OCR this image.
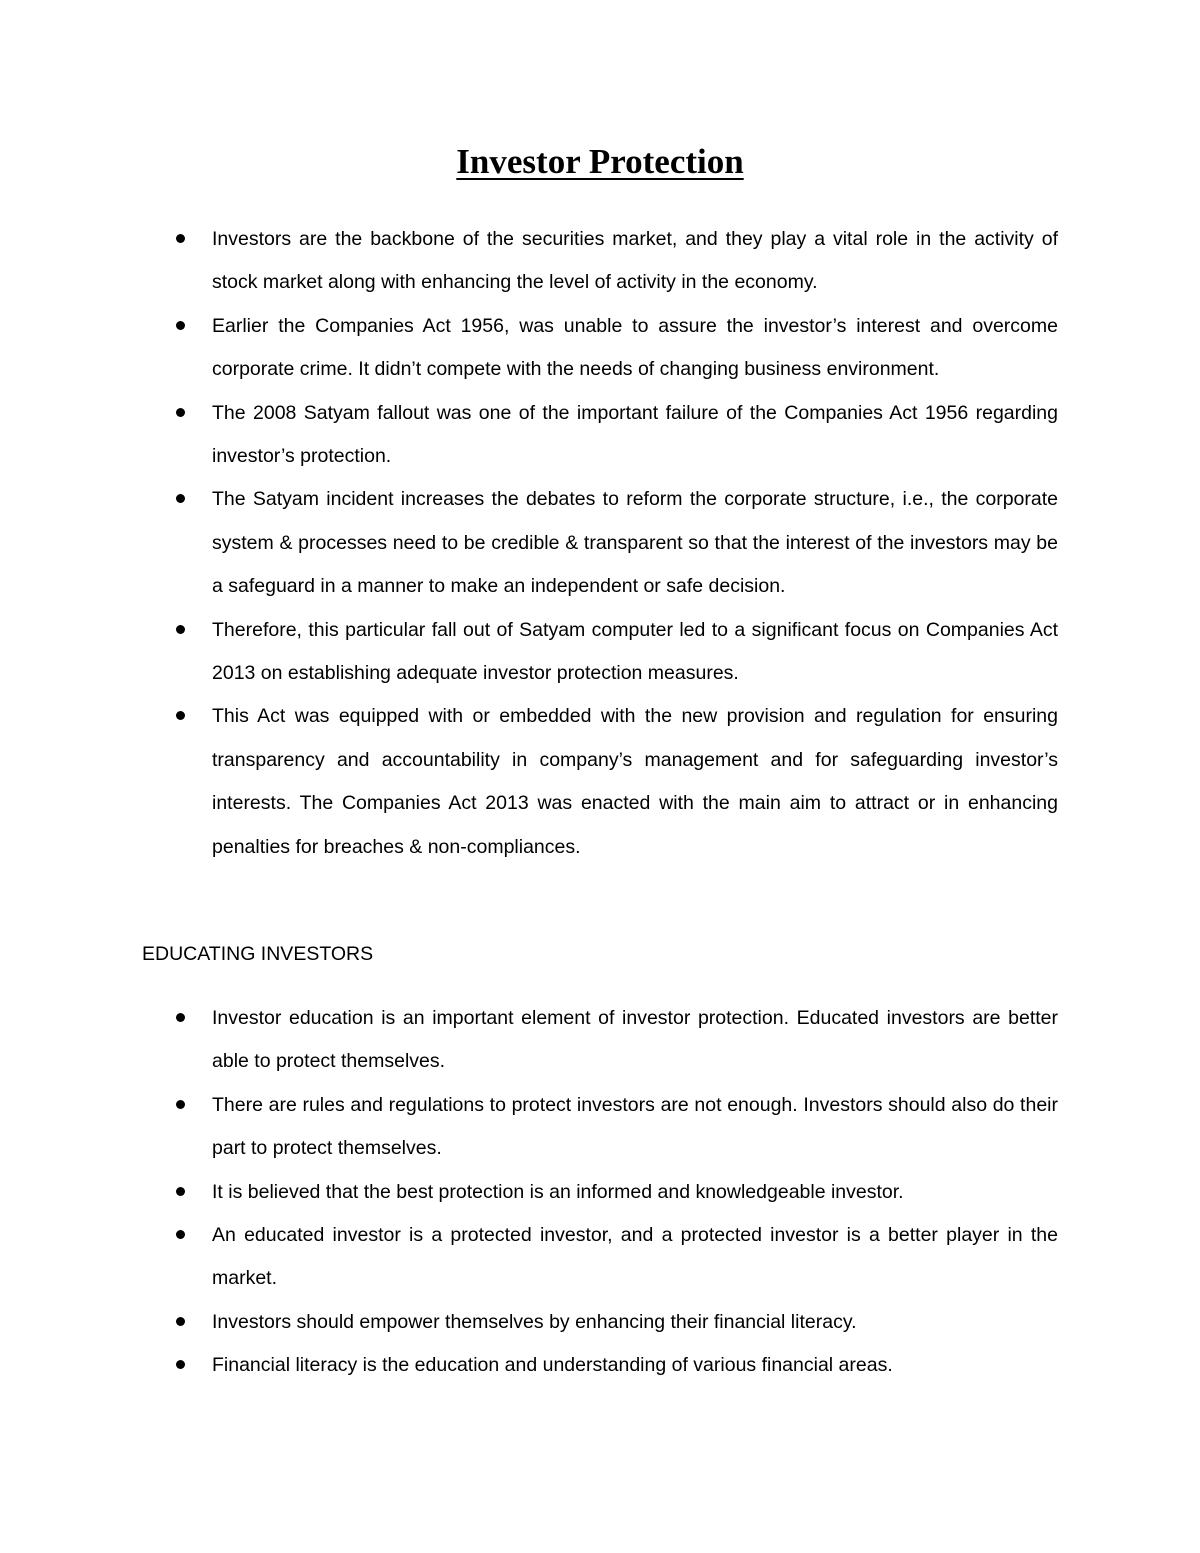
Investor Protection
Investors are the backbone of the securities market, and they play a vital role in the activity of stock market along with enhancing the level of activity in the economy.
Earlier the Companies Act 1956, was unable to assure the investor’s interest and overcome corporate crime. It didn’t compete with the needs of changing business environment.
The 2008 Satyam fallout was one of the important failure of the Companies Act 1956 regarding investor’s protection.
The Satyam incident increases the debates to reform the corporate structure, i.e., the corporate system & processes need to be credible & transparent so that the interest of the investors may be a safeguard in a manner to make an independent or safe decision.
Therefore, this particular fall out of Satyam computer led to a significant focus on Companies Act 2013 on establishing adequate investor protection measures.
This Act was equipped with or embedded with the new provision and regulation for ensuring transparency and accountability in company’s management and for safeguarding investor’s interests. The Companies Act 2013 was enacted with the main aim to attract or in enhancing penalties for breaches & non-compliances.
EDUCATING INVESTORS
Investor education is an important element of investor protection. Educated investors are better able to protect themselves.
There are rules and regulations to protect investors are not enough. Investors should also do their part to protect themselves.
It is believed that the best protection is an informed and knowledgeable investor.
An educated investor is a protected investor, and a protected investor is a better player in the market.
Investors should empower themselves by enhancing their financial literacy.
Financial literacy is the education and understanding of various financial areas.
